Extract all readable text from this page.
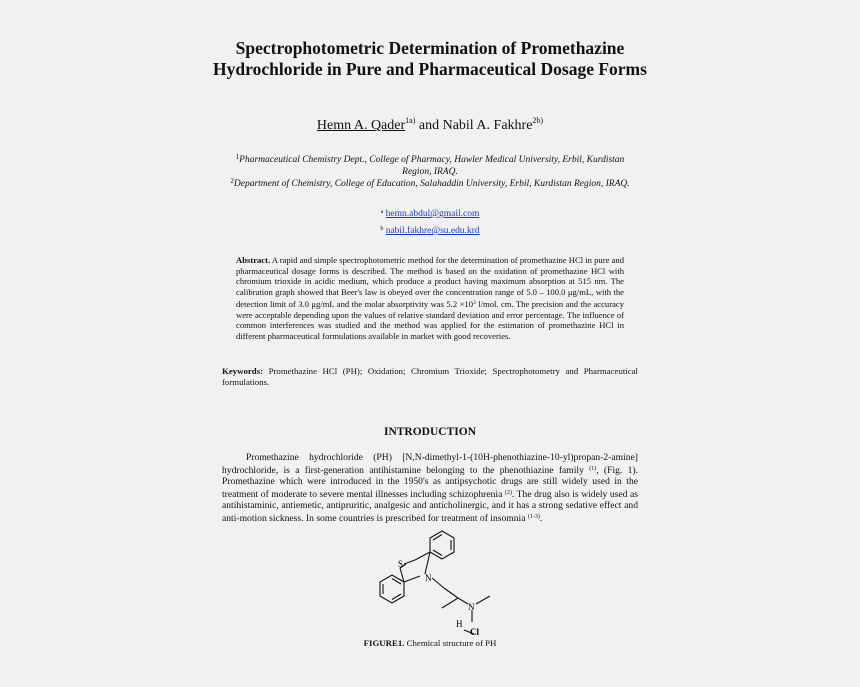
Spectrophotometric Determination of Promethazine Hydrochloride in Pure and Pharmaceutical Dosage Forms
Hemn A. Qader$^{1a)}$ and Nabil A. Fakhre$^{2b)}$
$^1$Pharmaceutical Chemistry Dept., College of Pharmacy, Hawler Medical University, Erbil, Kurdistan Region, IRAQ.
$^2$Department of Chemistry, College of Education, Salahaddin University, Erbil, Kurdistan Region, IRAQ.
$^a$ hemn.abdul@gmail.com
$^b$ nabil.fakhre@su.edu.krd
Abstract. A rapid and simple spectrophotometric method for the determination of promethazine HCl in pure and pharmaceutical dosage forms is described. The method is based on the oxidation of promethazine HCl with chromium trioxide in acidic medium, which produce a product having maximum absorption at 515 nm. The calibration graph showed that Beer's law is obeyed over the concentration range of 5.0 – 100.0 μg/mL, with the detection limit of 3.0 μg/mL and the molar absorptivity was $5.2 \times 10^3$ l/mol. cm. The precision and the accuracy were acceptable depending upon the values of relative standard deviation and error percentage. The influence of common interferences was studied and the method was applied for the estimation of promethazine HCl in different pharmaceutical formulations available in market with good recoveries.
Keywords: Promethazine HCl (PH); Oxidation; Chromium Trioxide; Spectrophotometry and Pharmaceutical formulations.
INTRODUCTION
Promethazine hydrochloride (PH) [N,N-dimethyl-1-(10H-phenothiazine-10-yl)propan-2-amine] hydrochloride, is a first-generation antihistamine belonging to the phenothiazine family $^{(1)}$, (Fig. 1). Promethazine which were introduced in the 1950's as antipsychotic drugs are still widely used in the treatment of moderate to severe mental illnesses including schizophrenia $^{(2)}$. The drug also is widely used as antihistaminic, antiemetic, antipruritic, analgesic and anticholinergic, and it has a strong sedative effect and anti-motion sickness. In some countries is prescribed for treatment of insomnia $^{(1-3)}$.
S
N
N
H
Cl
FIGURE1. Chemical structure of PH
